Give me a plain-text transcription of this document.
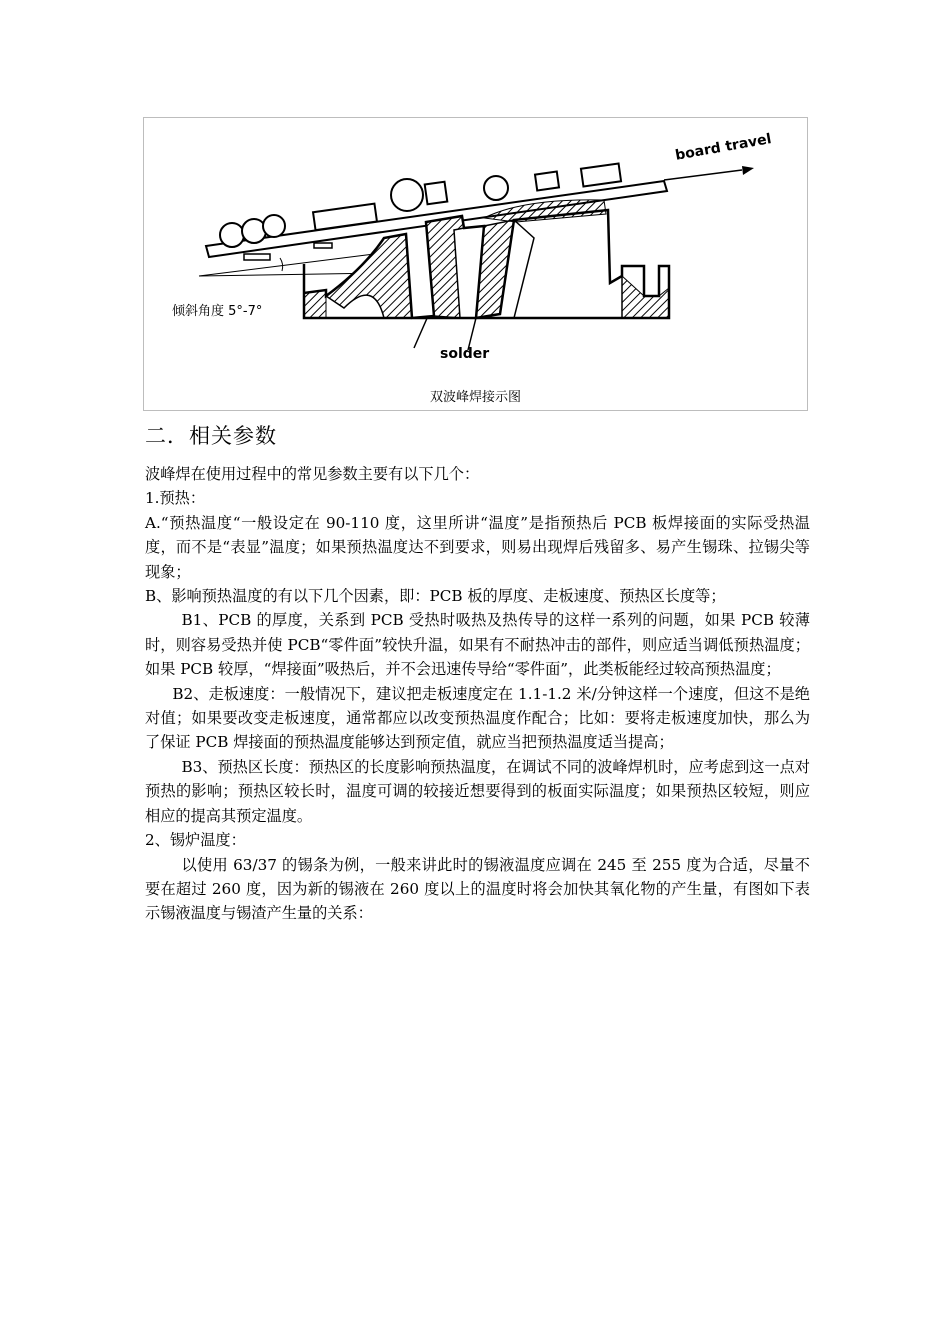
board travel
倾斜角度 5°-7°
solder
双波峰焊接示图
二．相关参数

波峰焊在使用过程中的常见参数主要有以下几个：

1.预热：

A.“预热温度“一般设定在 90-110 度，这里所讲“温度”是指预热后 PCB 板焊接面的实际受热温度，而不是“表显”温度；如果预热温度达不到要求，则易出现焊后残留多、易产生锡珠、拉锡尖等现象；

B、影响预热温度的有以下几个因素，即：PCB 板的厚度、走板速度、预热区长度等；

B1、PCB 的厚度，关系到 PCB 受热时吸热及热传导的这样一系列的问题，如果 PCB 较薄时，则容易受热并使 PCB“零件面”较快升温，如果有不耐热冲击的部件，则应适当调低预热温度；如果 PCB 较厚，“焊接面”吸热后，并不会迅速传导给“零件面”，此类板能经过较高预热温度；

B2、走板速度：一般情况下，建议把走板速度定在 1.1-1.2 米/分钟这样一个速度，但这不是绝对值；如果要改变走板速度，通常都应以改变预热温度作配合；比如：要将走板速度加快，那么为了保证 PCB 焊接面的预热温度能够达到预定值，就应当把预热温度适当提高；

B3、预热区长度：预热区的长度影响预热温度，在调试不同的波峰焊机时，应考虑到这一点对预热的影响；预热区较长时，温度可调的较接近想要得到的板面实际温度；如果预热区较短，则应相应的提高其预定温度。

2、锡炉温度：

以使用 63/37 的锡条为例，一般来讲此时的锡液温度应调在 245 至 255 度为合适，尽量不要在超过 260 度，因为新的锡液在 260 度以上的温度时将会加快其氧化物的产生量，有图如下表示锡液温度与锡渣产生量的关系：
